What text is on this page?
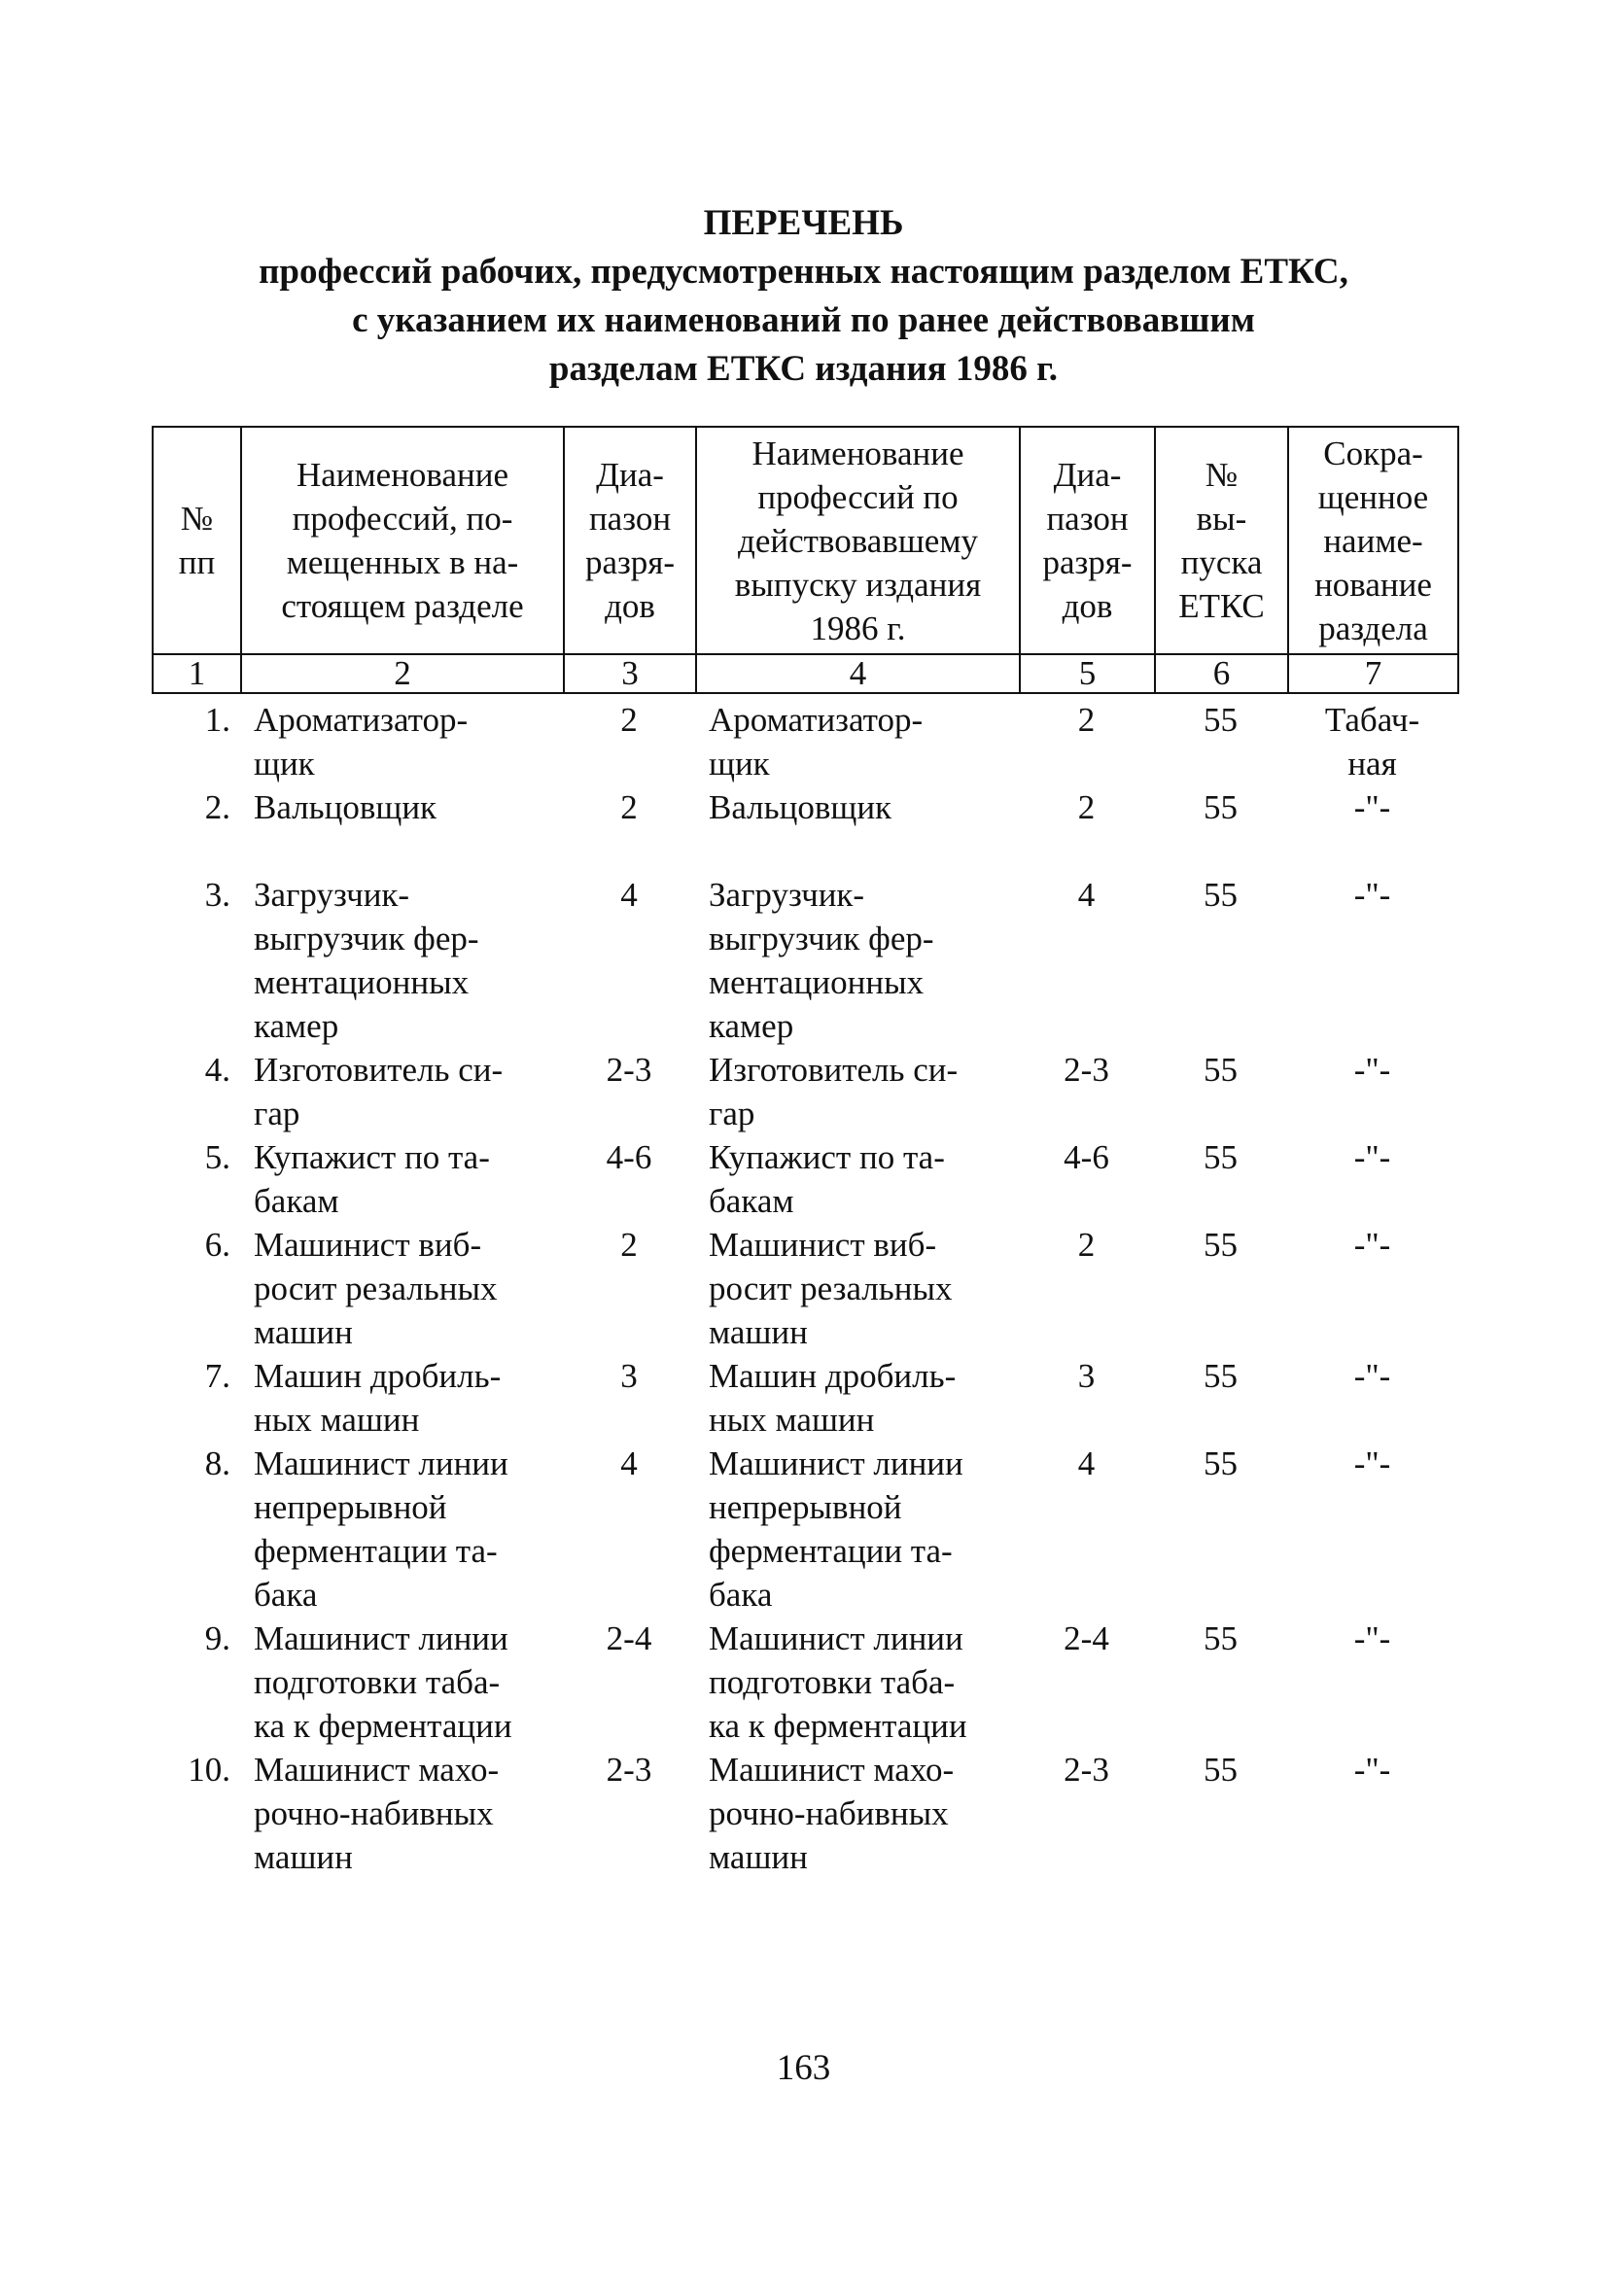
ПЕРЕЧЕНЬ
профессий рабочих, предусмотренных настоящим разделом ЕТКС,
с указанием их наименований по ранее действовавшим
разделам ЕТКС издания 1986 г.
№
пп	Наименование
профессий, по-
мещенных в на-
стоящем разделе	Диа-
пазон
разря-
дов	Наименование
профессий по
действовавшему
выпуску издания
1986 г.	Диа-
пазон
разря-
дов	№
вы-
пуска
ЕТКС	Сокра-
щенное
наиме-
нование
раздела
1	2	3	4	5	6	7
1.	Ароматизатор-
щик	2	Ароматизатор-
щик	2	55	Табач-
ная
2.	Вальцовщик	2	Вальцовщик	2	55	-"-
3.	Загрузчик-
выгрузчик фер-
ментационных
камер	4	Загрузчик-
выгрузчик фер-
ментационных
камер	4	55	-"-
4.	Изготовитель си-
гар	2-3	Изготовитель си-
гар	2-3	55	-"-
5.	Купажист по та-
бакам	4-6	Купажист по та-
бакам	4-6	55	-"-
6.	Машинист виб-
росит резальных
машин	2	Машинист виб-
росит резальных
машин	2	55	-"-
7.	Машин дробиль-
ных машин	3	Машин дробиль-
ных машин	3	55	-"-
8.	Машинист линии
непрерывной
ферментации та-
бака	4	Машинист линии
непрерывной
ферментации та-
бака	4	55	-"-
9.	Машинист линии
подготовки таба-
ка к ферментации	2-4	Машинист линии
подготовки таба-
ка к ферментации	2-4	55	-"-
10.	Машинист махо-
рочно-набивных
машин	2-3	Машинист махо-
рочно-набивных
машин	2-3	55	-"-
163
